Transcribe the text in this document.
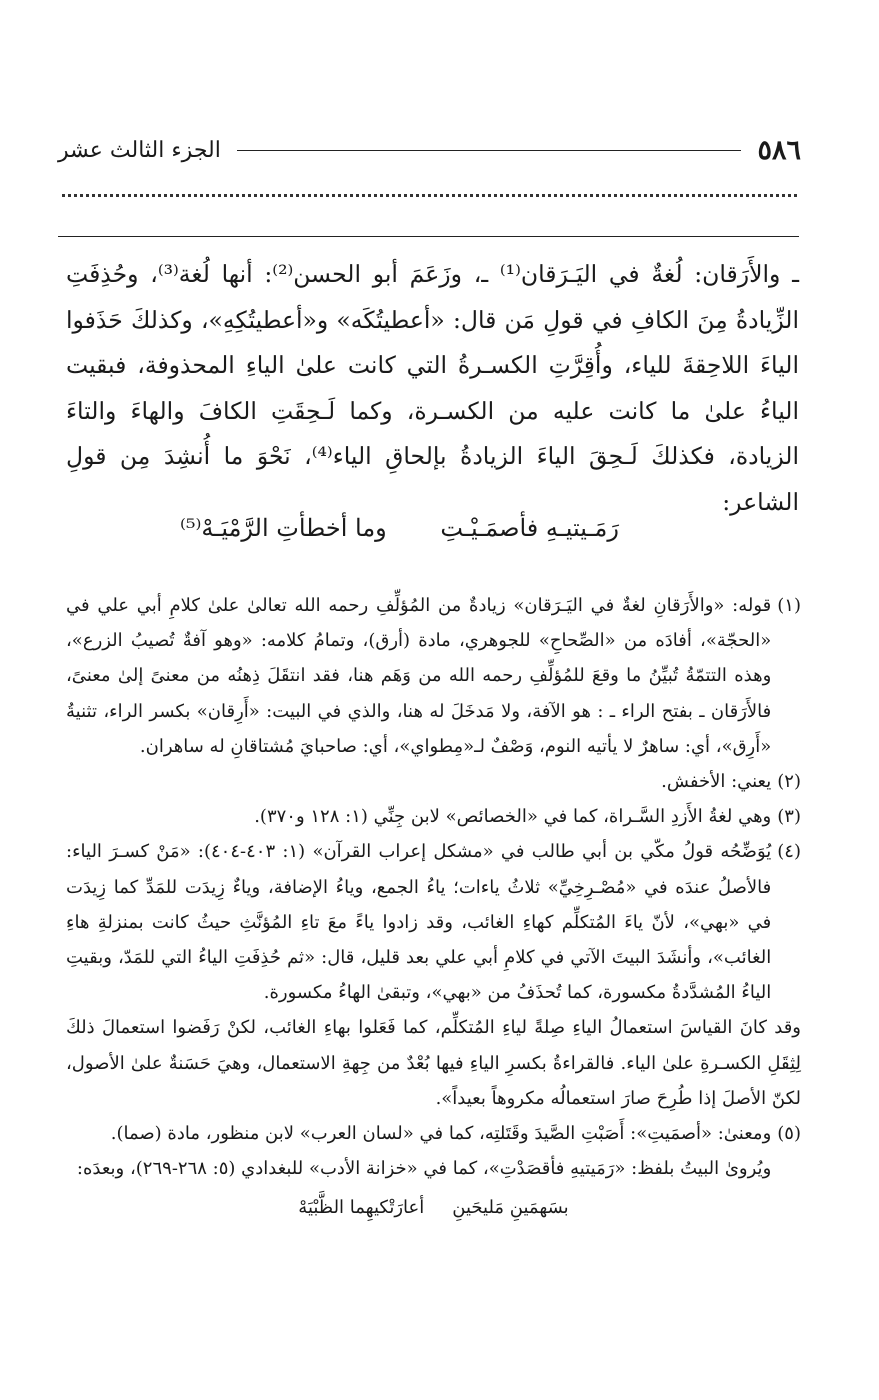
٥٨٦
الجزء الثالث عشر

ـ والأَرَقان: لُغةٌ في اليَـرَقان⁽¹⁾ ـ، وزَعَمَ أبو الحسن⁽²⁾: أنها لُغة⁽³⁾، وحُذِفَتِ الزِّيادةُ مِنَ الكافِ في قولِ مَن قال: «أعطيتُكَه» و«أعطيتُكِهِ»، وكذلكَ حَذَفوا الياءَ اللاحِقةَ للياء، وأُقِرَّتِ الكسـرةُ التي كانت علىٰ الياءِ المحذوفة، فبقيت الياءُ علىٰ ما كانت عليه من الكسـرة، وكما لَـحِقَتِ الكافَ والهاءَ والتاءَ الزيادة، فكذلكَ لَـحِقَ الياءَ الزيادةُ بإلحاقِ الياء⁽⁴⁾، نَحْوَ ما أُنشِدَ مِن قولِ الشاعر:

رَمَـيتيـهِ فأصمَـيْـتِ
وما أخطأتِ الرَّمْيَـهْ⁽⁵⁾
(١)

قوله: «والأَرَقانِ لغةٌ في اليَـرَقان» زيادةٌ من المُؤلِّفِ رحمه الله تعالىٰ علىٰ كلامِ أبي علي في «الحجّة»، أفادَه من «الصِّحاحِ» للجوهري، مادة (أرق)، وتمامُ كلامه: «وهو آفةٌ تُصيبُ الزرع»، وهذه التتمّةُ تُبيِّنُ ما وقعَ للمُؤلِّفِ رحمه الله من وَهَم هنا، فقد انتقَلَ ذِهنُه من معنىً إلىٰ معنىً، فالأَرَقان ـ بفتح الراء ـ : هو الآفة، ولا مَدخَلَ له هنا، والذي في البيت: «أَرِقان» بكسر الراء، تثنيةُ «أَرِق»، أي: ساهرٌ لا يأتيه النوم، وَصْفٌ لـ«مِطواي»، أي: صاحبايَ مُشتاقانِ له ساهران.

(٢)

يعني: الأخفش.

(٣)

وهي لغةُ الأَزدِ السَّـراة، كما في «الخصائص» لابن جِنِّي (١: ١٢٨ و٣٧٠).

(٤)

يُوَضِّحُه قولُ مكّي بن أبي طالب في «مشكل إعراب القرآن» (١: ٤٠٣-٤٠٤): «مَنْ كسـرَ الياء: فالأصلُ عندَه في «مُصْـرِخِيِّ» ثلاثُ ياءات؛ ياءُ الجمع، وياءُ الإضافة، وياءٌ زِيدَت للمَدِّ كما زِيدَت في «بهي»، لأنّ ياءَ المُتكلِّم كهاءِ الغائب، وقد زادوا ياءً معَ تاءِ المُؤنَّثِ حيثُ كانت بمنزلةِ هاءِ الغائب»، وأنشَدَ البيتَ الآتي في كلامِ أبي علي بعد قليل، قال: «ثم حُذِفَتِ الياءُ التي للمَدّ، وبقيتِ الياءُ المُشدَّدةُ مكسورة، كما تُحذَفُ من «بهي»، وتبقىٰ الهاءُ مكسورة.

وقد كانَ القياسَ استعمالُ الياءِ صِلةً لياءِ المُتكلِّم، كما فَعَلوا بهاءِ الغائب، لكنْ رَفَضوا استعمالَ ذلكَ لِثِقَلِ الكسـرةِ علىٰ الياء. فالقراءةُ بكسرِ الياءِ فيها بُعْدٌ من جِهةِ الاستعمال، وهيَ حَسَنةٌ علىٰ الأصول، لكنّ الأصلَ إذا طُرِحَ صارَ استعمالُه مكروهاً بعيداً».

(٥)

ومعنىٰ: «أصمَيتِ»: أَصَبْتِ الصَّيدَ وقَتَلتِه، كما في «لسان العرب» لابن منظور، مادة (صما).

ويُروىٰ البيتُ بلفظ: «رَمَيتيهِ فأقصَدْتِ»، كما في «خزانة الأدب» للبغدادي (٥: ٢٦٨-٢٦٩)، وبعدَه:

بسَهمَينِ مَليحَينِ
أعارَتْكيهِما الظَّبْيَهْ
